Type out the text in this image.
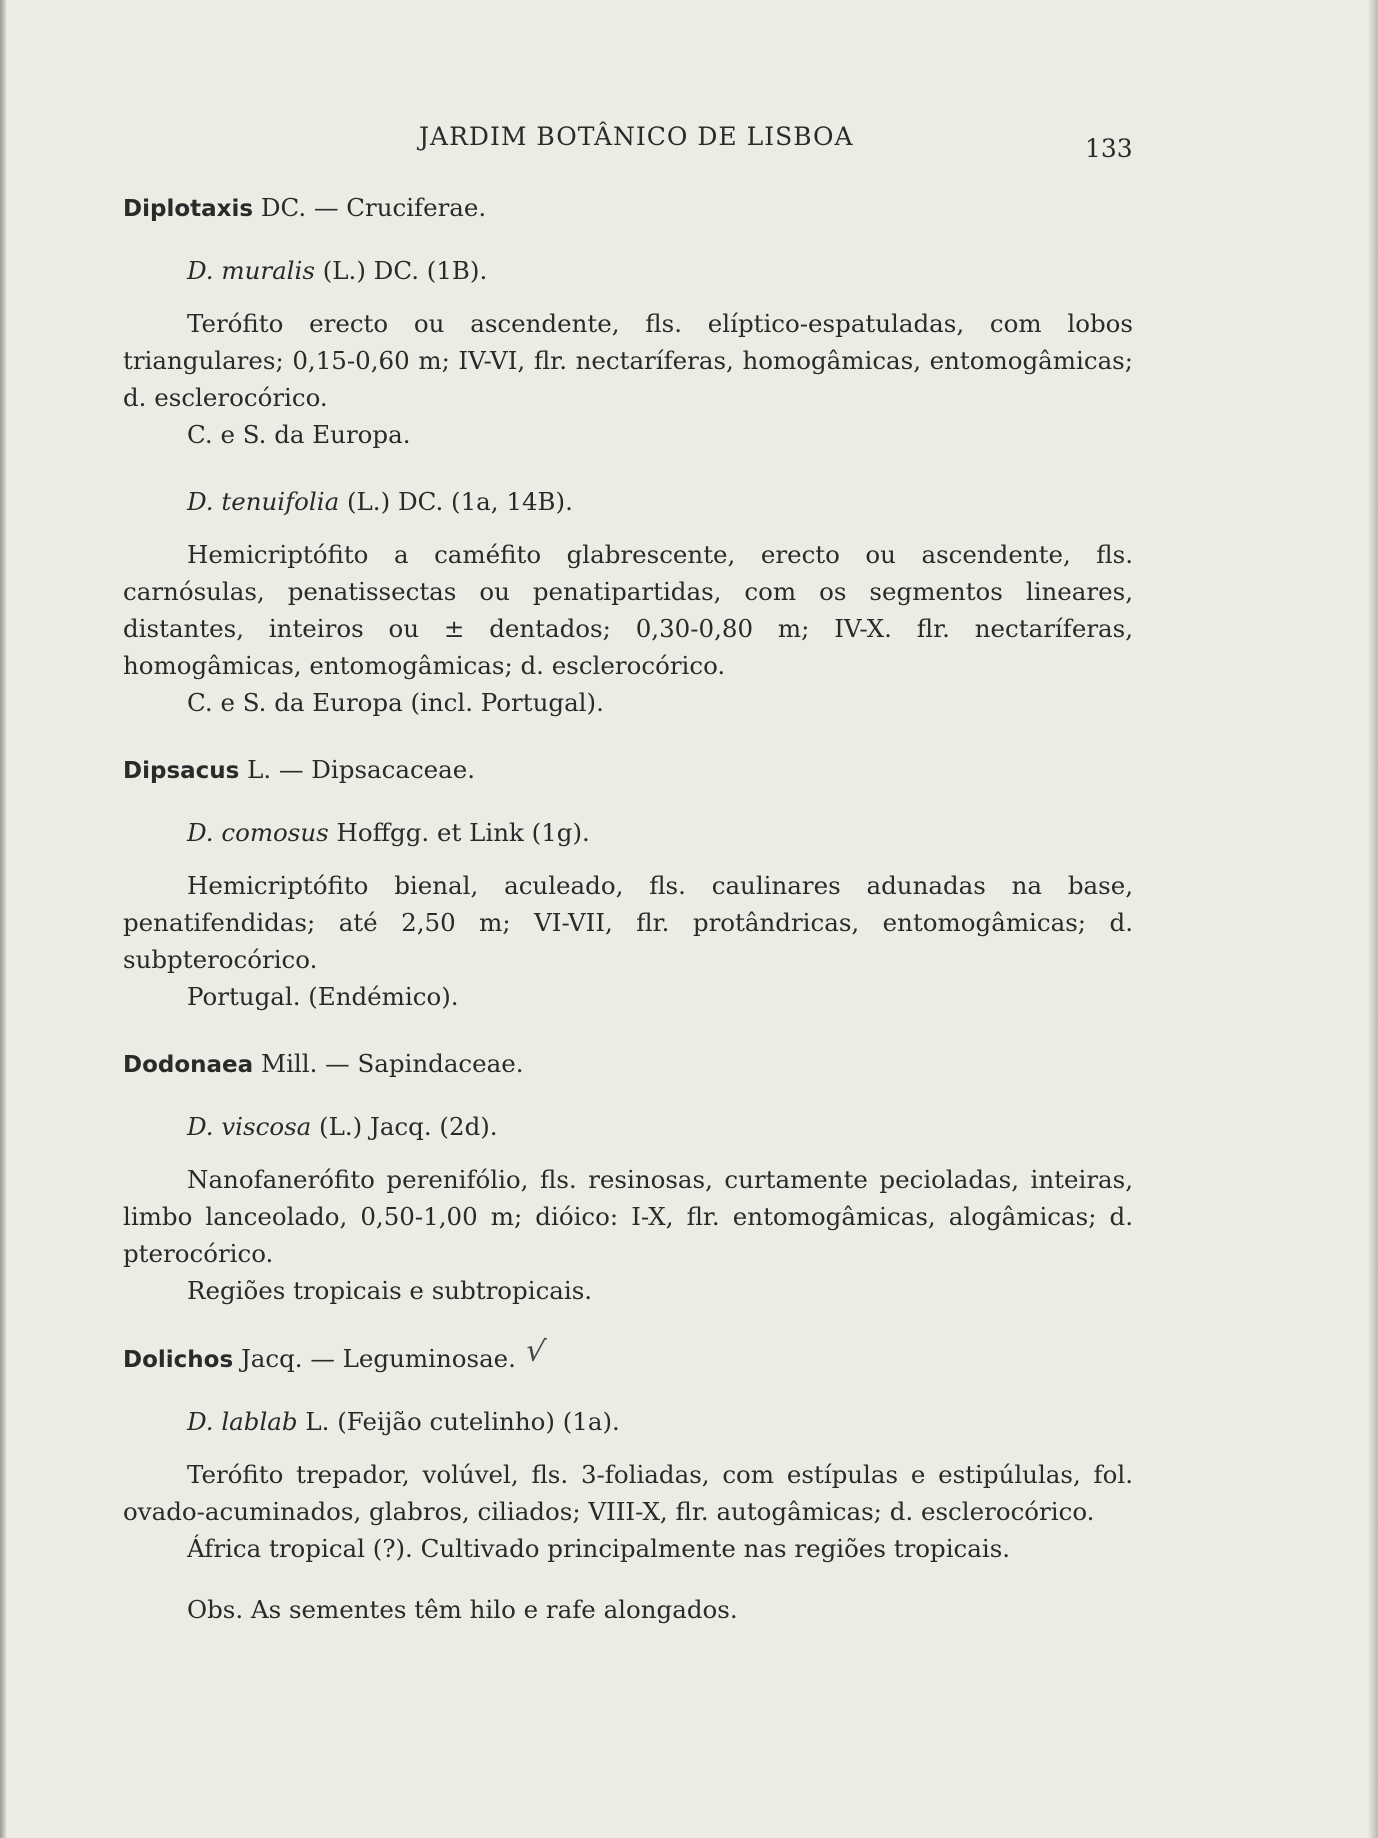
JARDIM BOTÂNICO DE LISBOA	133
Diplotaxis DC. — Cruciferae.
D. muralis (L.) DC. (1B).

Terófito erecto ou ascendente, fls. elíptico-espatuladas, com lobos triangulares; 0,15-0,60 m; IV-VI, flr. nectaríferas, homogâmicas, entomogâmicas; d. esclerocórico.

C. e S. da Europa.

D. tenuifolia (L.) DC. (1a, 14B).

Hemicriptófito a caméfito glabrescente, erecto ou ascendente, fls. carnósulas, penatissectas ou penatipartidas, com os segmentos lineares, distantes, inteiros ou ± dentados; 0,30-0,80 m; IV-X. flr. nectaríferas, homogâmicas, entomogâmicas; d. esclerocórico.

C. e S. da Europa (incl. Portugal).

Dipsacus L. — Dipsacaceae.
D. comosus Hoffgg. et Link (1g).

Hemicriptófito bienal, aculeado, fls. caulinares adunadas na base, penatifendidas; até 2,50 m; VI-VII, flr. protândricas, entomogâmicas; d. subpterocórico.

Portugal. (Endémico).

Dodonaea Mill. — Sapindaceae.
D. viscosa (L.) Jacq. (2d).

Nanofanerófito perenifólio, fls. resinosas, curtamente pecioladas, inteiras, limbo lanceolado, 0,50-1,00 m; dióico: I-X, flr. entomogâmicas, alogâmicas; d. pterocórico.

Regiões tropicais e subtropicais.

Dolichos Jacq. — Leguminosae. √
D. lablab L. (Feijão cutelinho) (1a).

Terófito trepador, volúvel, fls. 3-foliadas, com estípulas e estipúlulas, fol. ovado-acuminados, glabros, ciliados; VIII-X, flr. autogâmicas; d. esclerocórico.

África tropical (?). Cultivado principalmente nas regiões tropicais.

Obs. As sementes têm hilo e rafe alongados.
